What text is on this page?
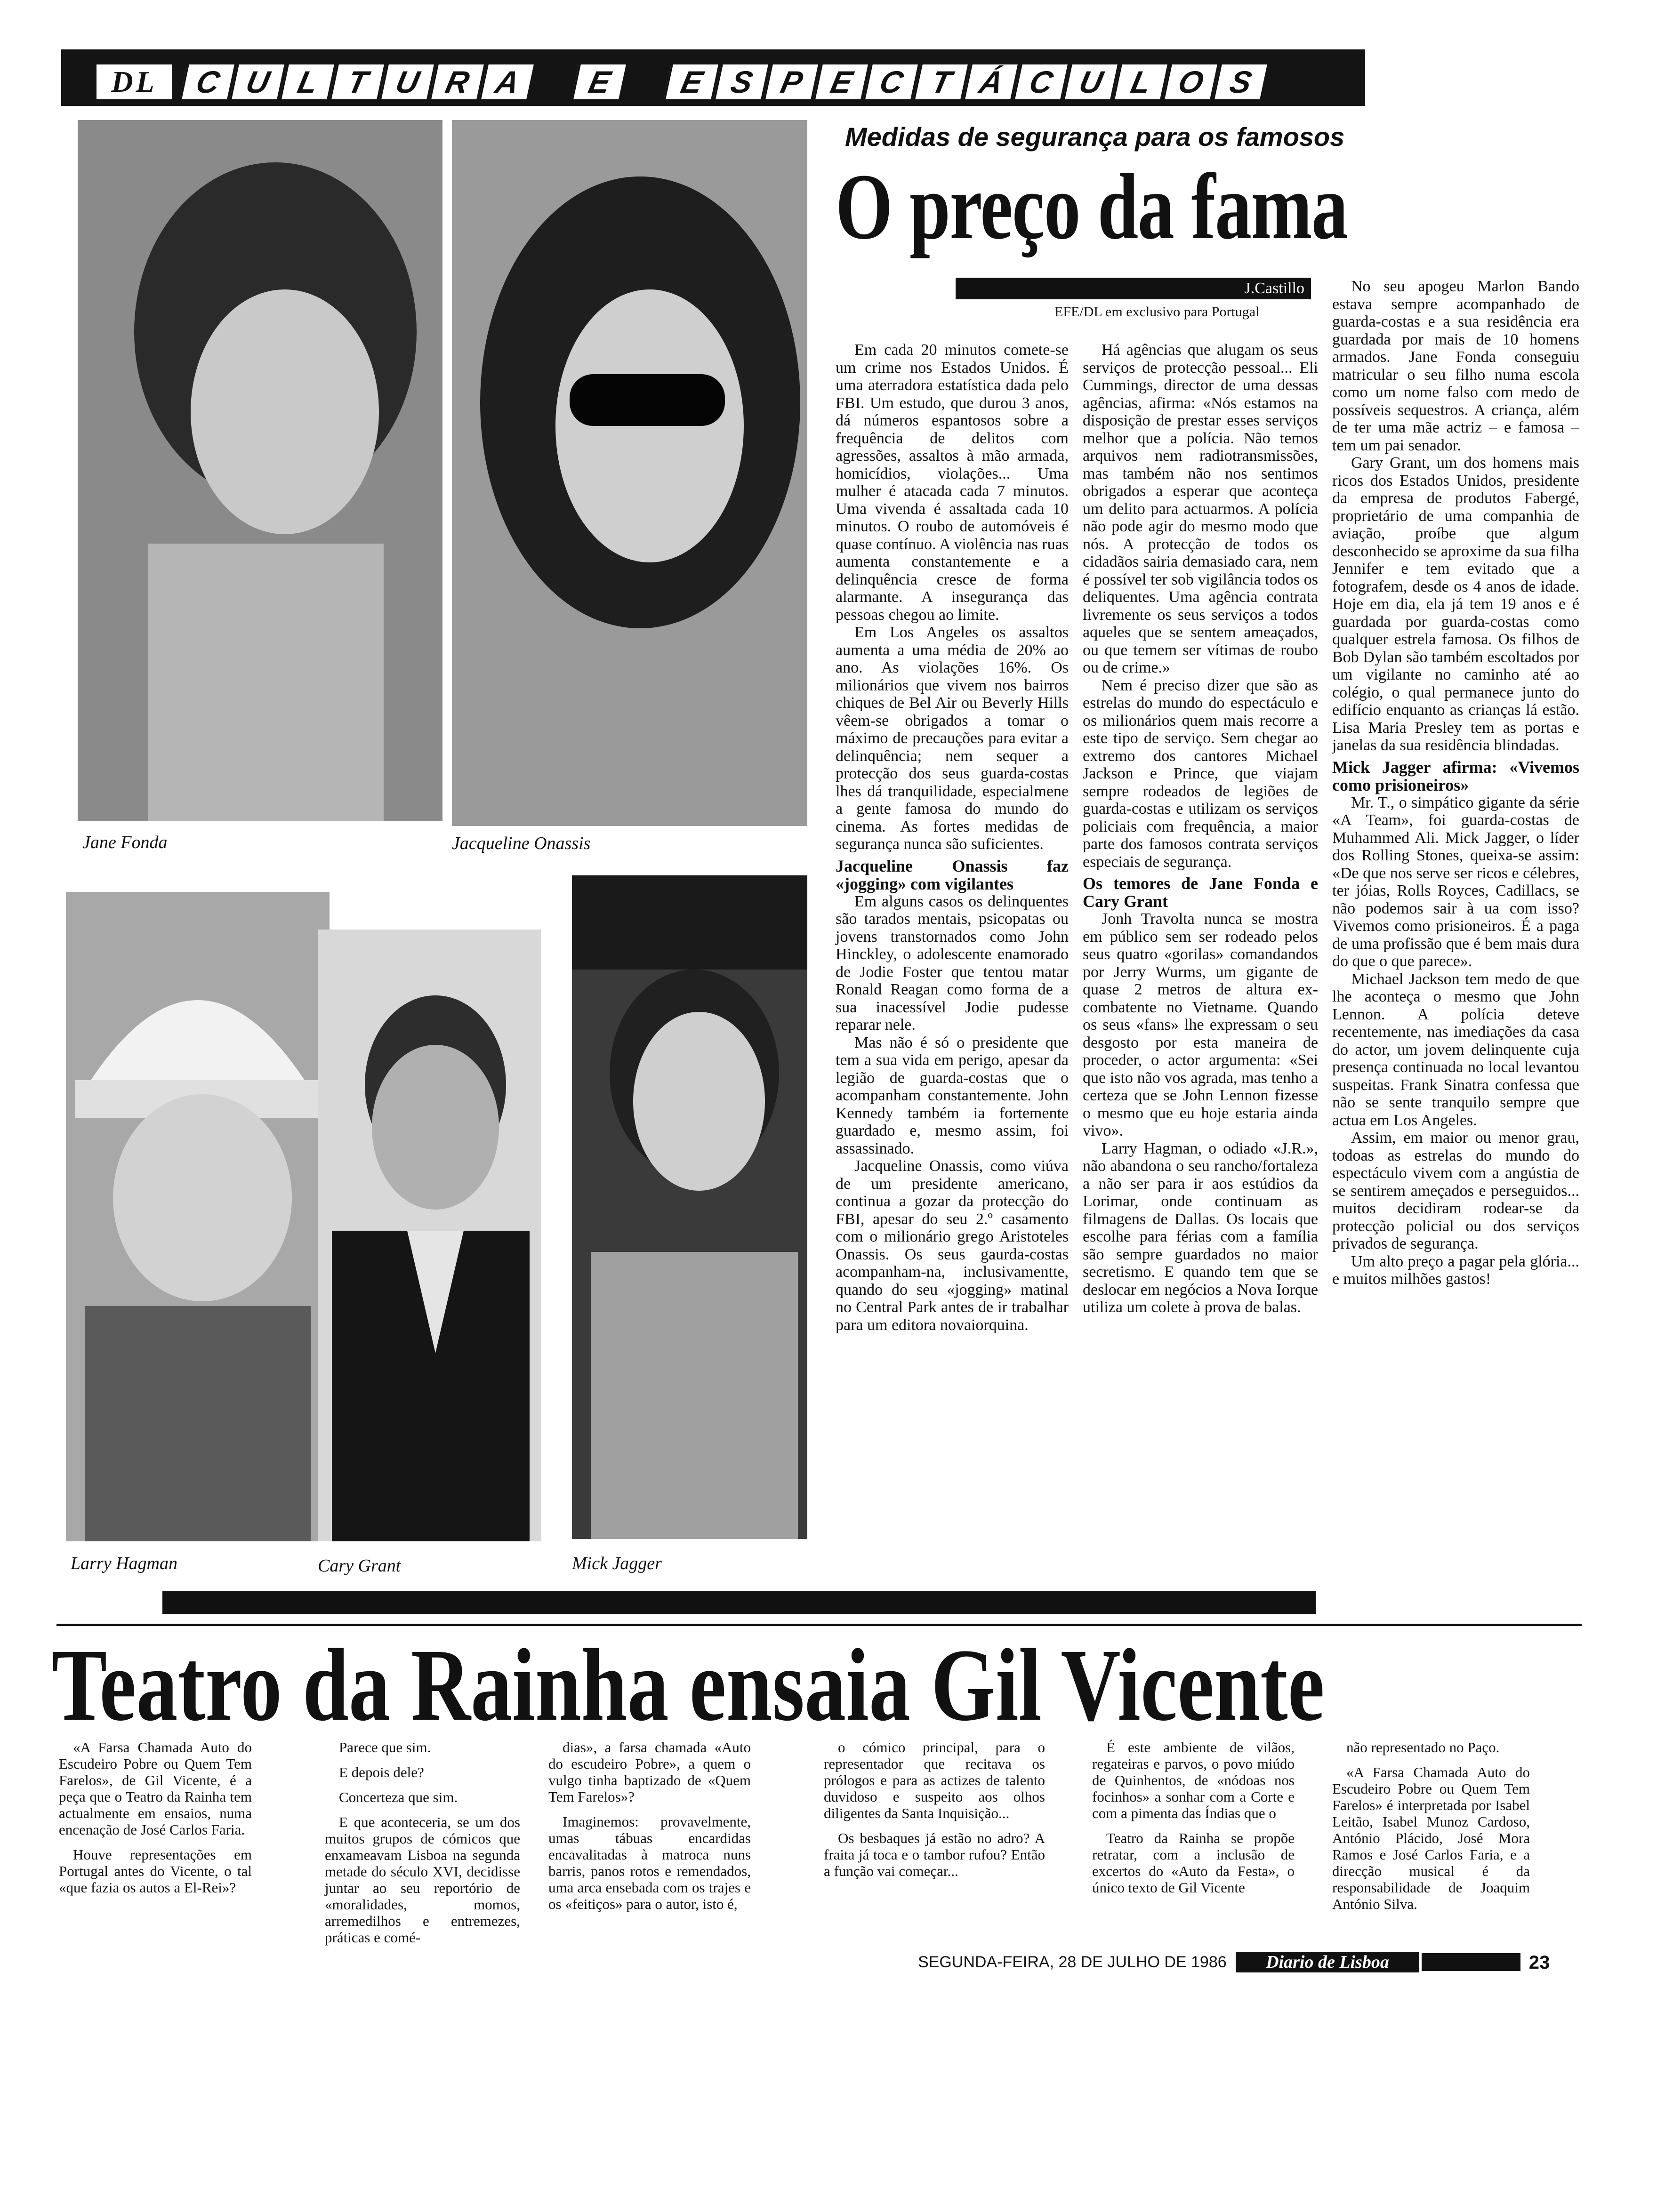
DL	C U L T U R A	E	E S P E C T Á C U L O S
Jane Fonda	Jacqueline Onassis
Larry Hagman	Cary Grant	Mick Jagger
Medidas de segurança para os famosos
O preço da fama
J.Castillo
EFE/DL em exclusivo para Portugal

Em cada 20 minutos comete-se um crime nos Estados Unidos. É uma aterradora estatística dada pelo FBI. Um estudo, que durou 3 anos, dá números espantosos sobre a frequência de delitos com agressões, assaltos à mão armada, homicídios, violações... Uma mulher é atacada cada 7 minutos. Uma vivenda é assaltada cada 10 minutos. O roubo de automóveis é quase contínuo. A violência nas ruas aumenta constantemente e a delinquência cresce de forma alarmante. A insegurança das pessoas chegou ao limite.

Em Los Angeles os assaltos aumenta a uma média de 20% ao ano. As violações 16%. Os milionários que vivem nos bairros chiques de Bel Air ou Beverly Hills vêem-se obrigados a tomar o máximo de precauções para evitar a delinquência; nem sequer a protecção dos seus guarda-costas lhes dá tranquilidade, especialmene a gente famosa do mundo do cinema. As fortes medidas de segurança nunca são suficientes.

Jacqueline Onassis faz «jogging» com vigilantes

Em alguns casos os delinquentes são tarados mentais, psicopatas ou jovens transtornados como John Hinckley, o adolescente enamorado de Jodie Foster que tentou matar Ronald Reagan como forma de a sua inacessível Jodie pudesse reparar nele.

Mas não é só o presidente que tem a sua vida em perigo, apesar da legião de guarda-costas que o acompanham constantemente. John Kennedy também ia fortemente guardado e, mesmo assim, foi assassinado.

Jacqueline Onassis, como viúva de um presidente americano, continua a gozar da protecção do FBI, apesar do seu 2.º casamento com o milionário grego Aristoteles Onassis. Os seus gaurda-costas acompanham-na, inclusivamentte, quando do seu «jogging» matinal no Central Park antes de ir trabalhar para um editora novaiorquina.

Há agências que alugam os seus serviços de protecção pessoal... Eli Cummings, director de uma dessas agências, afirma: «Nós estamos na disposição de prestar esses serviços melhor que a polícia. Não temos arquivos nem radiotransmissões, mas também não nos sentimos obrigados a esperar que aconteça um delito para actuarmos. A polícia não pode agir do mesmo modo que nós. A protecção de todos os cidadãos sairia demasiado cara, nem é possível ter sob vigilância todos os deliquentes. Uma agência contrata livremente os seus serviços a todos aqueles que se sentem ameaçados, ou que temem ser vítimas de roubo ou de crime.»

Nem é preciso dizer que são as estrelas do mundo do espectáculo e os milionários quem mais recorre a este tipo de serviço. Sem chegar ao extremo dos cantores Michael Jackson e Prince, que viajam sempre rodeados de legiões de guarda-costas e utilizam os serviços policiais com frequência, a maior parte dos famosos contrata serviços especiais de segurança.

Os temores de Jane Fonda e Cary Grant

Jonh Travolta nunca se mostra em público sem ser rodeado pelos seus quatro «gorilas» comandandos por Jerry Wurms, um gigante de quase 2 metros de altura ex-combatente no Vietname. Quando os seus «fans» lhe expressam o seu desgosto por esta maneira de proceder, o actor argumenta: «Sei que isto não vos agrada, mas tenho a certeza que se John Lennon fizesse o mesmo que eu hoje estaria ainda vivo».

Larry Hagman, o odiado «J.R.», não abandona o seu rancho/fortaleza a não ser para ir aos estúdios da Lorimar, onde continuam as filmagens de Dallas. Os locais que escolhe para férias com a família são sempre guardados no maior secretismo. E quando tem que se deslocar em negócios a Nova Iorque utiliza um colete à prova de balas.

No seu apogeu Marlon Bando estava sempre acompanhado de guarda-costas e a sua residência era guardada por mais de 10 homens armados. Jane Fonda conseguiu matricular o seu filho numa escola como um nome falso com medo de possíveis sequestros. A criança, além de ter uma mãe actriz – e famosa – tem um pai senador.

Gary Grant, um dos homens mais ricos dos Estados Unidos, presidente da empresa de produtos Fabergé, proprietário de uma companhia de aviação, proíbe que algum desconhecido se aproxime da sua filha Jennifer e tem evitado que a fotografem, desde os 4 anos de idade. Hoje em dia, ela já tem 19 anos e é guardada por guarda-costas como qualquer estrela famosa. Os filhos de Bob Dylan são também escoltados por um vigilante no caminho até ao colégio, o qual permanece junto do edifício enquanto as crianças lá estão. Lisa Maria Presley tem as portas e janelas da sua residência blindadas.

Mick Jagger afirma: «Vivemos como prisioneiros»

Mr. T., o simpático gigante da série «A Team», foi guarda-costas de Muhammed Ali. Mick Jagger, o líder dos Rolling Stones, queixa-se assim: «De que nos serve ser ricos e célebres, ter jóias, Rolls Royces, Cadillacs, se não podemos sair à ua com isso? Vivemos como prisioneiros. É a paga de uma profissão que é bem mais dura do que o que parece».

Michael Jackson tem medo de que lhe aconteça o mesmo que John Lennon. A polícia deteve recentemente, nas imediações da casa do actor, um jovem delinquente cuja presença continuada no local levantou suspeitas. Frank Sinatra confessa que não se sente tranquilo sempre que actua em Los Angeles.

Assim, em maior ou menor grau, todoas as estrelas do mundo do espectáculo vivem com a angústia de se sentirem ameçados e perseguidos... muitos decidiram rodear-se da protecção policial ou dos serviços privados de segurança.

Um alto preço a pagar pela glória... e muitos milhões gastos!

Teatro da Rainha ensaia Gil Vicente

«A Farsa Chamada Auto do Escudeiro Pobre ou Quem Tem Farelos», de Gil Vicente, é a peça que o Teatro da Rainha tem actualmente em ensaios, numa encenação de José Carlos Faria.

Houve representações em Portugal antes do Vicente, o tal «que fazia os autos a El-Rei»?

Parece que sim.

E depois dele?

Concerteza que sim.

E que aconteceria, se um dos muitos grupos de cómicos que enxameavam Lisboa na segunda metade do século XVI, decidisse juntar ao seu reportório de «moralidades, momos, arremedilhos e entremezes, práticas e comé-

dias», a farsa chamada «Auto do escudeiro Pobre», a quem o vulgo tinha baptizado de «Quem Tem Farelos»?

Imaginemos: provavelmente, umas tábuas encardidas encavalitadas à matroca nuns barris, panos rotos e remendados, uma arca ensebada com os trajes e os «feitiços» para o autor, isto é,

o cómico principal, para o representador que recitava os prólogos e para as actizes de talento duvidoso e suspeito aos olhos diligentes da Santa Inquisição...

Os besbaques já estão no adro? A fraita já toca e o tambor rufou? Então a função vai começar...

É este ambiente de vilãos, regateiras e parvos, o povo miúdo de Quinhentos, de «nódoas nos focinhos» a sonhar com a Corte e com a pimenta das Índias que o

Teatro da Rainha se propõe retratar, com a inclusão de excertos do «Auto da Festa», o único texto de Gil Vicente

não representado no Paço.

«A Farsa Chamada Auto do Escudeiro Pobre ou Quem Tem Farelos» é interpretada por Isabel Leitão, Isabel Munoz Cardoso, António Plácido, José Mora Ramos e José Carlos Faria, e a direcção musical é da responsabilidade de Joaquim António Silva.

SEGUNDA-FEIRA, 28 DE JULHO DE 1986	Diario de Lisboa	23
